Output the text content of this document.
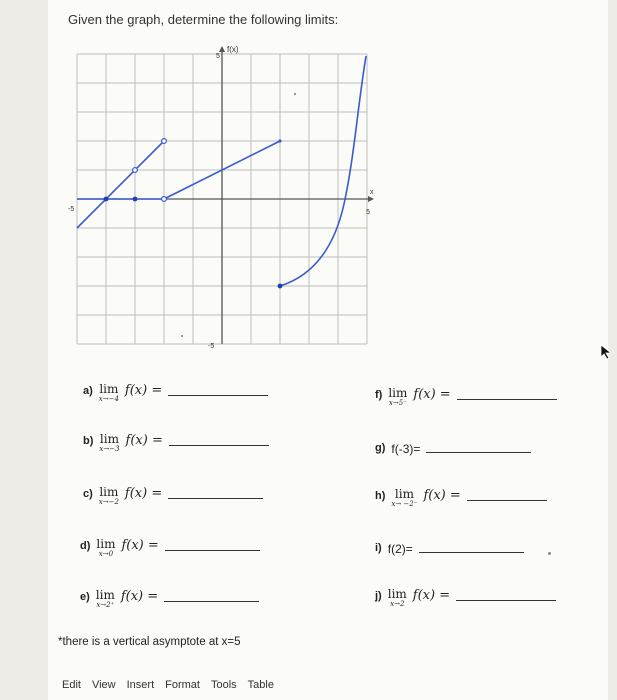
Given the graph, determine the following limits:
f(x)
x
-5	5
5
-5
a) lim
x→−4
f(x) =
b) lim
x→−3
f(x) =
c) lim
x→−2
f(x) =
d) lim
x→0
f(x) =
e) lim
x→2⁺
f(x) =
f) lim
x→5⁻
f(x) =
g) f(-3)=
h) lim
x→ −2⁻
f(x) =
i) f(2)=
j) lim
x→2
f(x) =
*there is a vertical asymptote at x=5
Edit View Insert Format Tools Table
